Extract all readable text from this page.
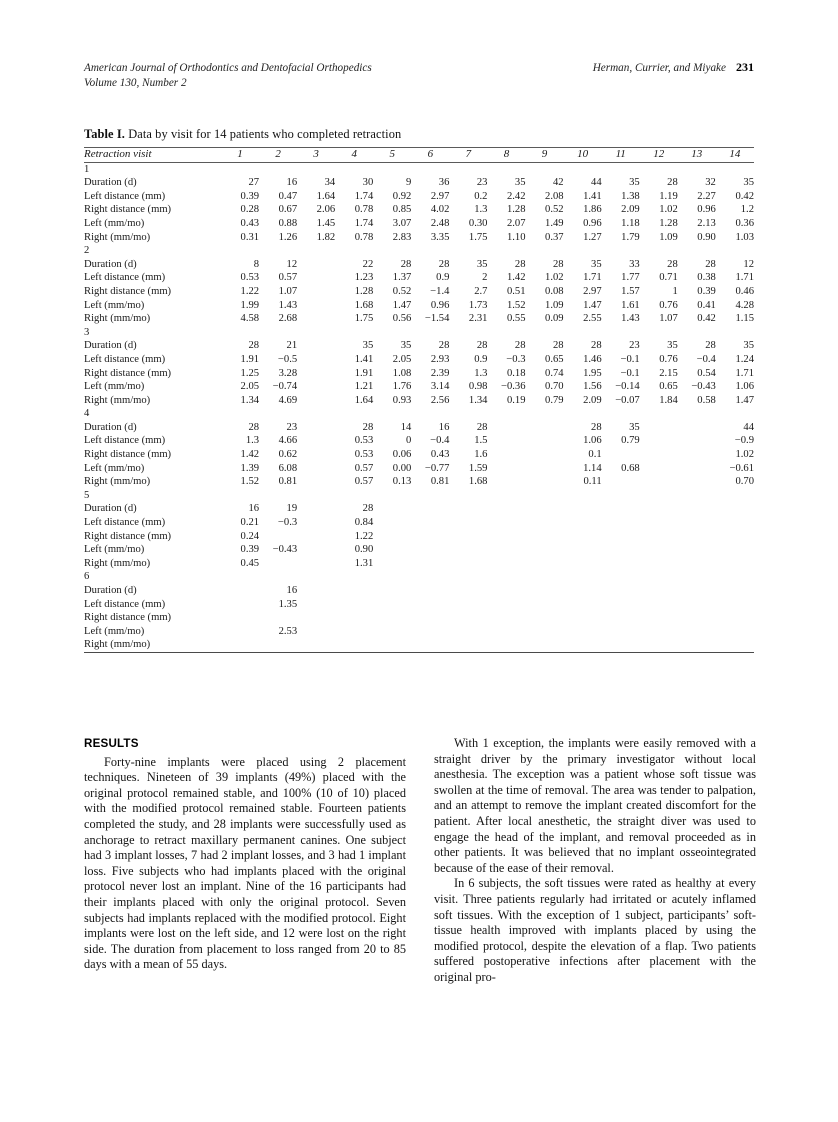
American Journal of Orthodontics and Dentofacial Orthopedics	Herman, Currier, and Miyake 231
Volume 130, Number 2
Table I. Data by visit for 14 patients who completed retraction
Retraction visit	1	2	3	4	5	6	7	8	9	10	11	12	13	14
1														
Duration (d)	27	16	34	30	9	36	23	35	42	44	35	28	32	35
Left distance (mm)	0.39	0.47	1.64	1.74	0.92	2.97	0.2	2.42	2.08	1.41	1.38	1.19	2.27	0.42
Right distance (mm)	0.28	0.67	2.06	0.78	0.85	4.02	1.3	1.28	0.52	1.86	2.09	1.02	0.96	1.2
Left (mm/mo)	0.43	0.88	1.45	1.74	3.07	2.48	0.30	2.07	1.49	0.96	1.18	1.28	2.13	0.36
Right (mm/mo)	0.31	1.26	1.82	0.78	2.83	3.35	1.75	1.10	0.37	1.27	1.79	1.09	0.90	1.03
2														
Duration (d)	8	12		22	28	28	35	28	28	35	33	28	28	12
Left distance (mm)	0.53	0.57		1.23	1.37	0.9	2	1.42	1.02	1.71	1.77	0.71	0.38	1.71
Right distance (mm)	1.22	1.07		1.28	0.52	−1.4	2.7	0.51	0.08	2.97	1.57	1	0.39	0.46
Left (mm/mo)	1.99	1.43		1.68	1.47	0.96	1.73	1.52	1.09	1.47	1.61	0.76	0.41	4.28
Right (mm/mo)	4.58	2.68		1.75	0.56	−1.54	2.31	0.55	0.09	2.55	1.43	1.07	0.42	1.15
3														
Duration (d)	28	21		35	35	28	28	28	28	28	23	35	28	35
Left distance (mm)	1.91	−0.5		1.41	2.05	2.93	0.9	−0.3	0.65	1.46	−0.1	0.76	−0.4	1.24
Right distance (mm)	1.25	3.28		1.91	1.08	2.39	1.3	0.18	0.74	1.95	−0.1	2.15	0.54	1.71
Left (mm/mo)	2.05	−0.74		1.21	1.76	3.14	0.98	−0.36	0.70	1.56	−0.14	0.65	−0.43	1.06
Right (mm/mo)	1.34	4.69		1.64	0.93	2.56	1.34	0.19	0.79	2.09	−0.07	1.84	0.58	1.47
4														
Duration (d)	28	23		28	14	16	28			28	35			44
Left distance (mm)	1.3	4.66		0.53	0	−0.4	1.5			1.06	0.79			−0.9
Right distance (mm)	1.42	0.62		0.53	0.06	0.43	1.6			0.1				1.02
Left (mm/mo)	1.39	6.08		0.57	0.00	−0.77	1.59			1.14	0.68			−0.61
Right (mm/mo)	1.52	0.81		0.57	0.13	0.81	1.68			0.11				0.70
5														
Duration (d)	16	19		28										
Left distance (mm)	0.21	−0.3		0.84										
Right distance (mm)	0.24			1.22										
Left (mm/mo)	0.39	−0.43		0.90										
Right (mm/mo)	0.45			1.31										
6														
Duration (d)		16												
Left distance (mm)		1.35												
Right distance (mm)														
Left (mm/mo)		2.53												
Right (mm/mo)														
RESULTS

Forty-nine implants were placed using 2 placement techniques. Nineteen of 39 implants (49%) placed with the original protocol remained stable, and 100% (10 of 10) placed with the modified protocol remained stable. Fourteen patients completed the study, and 28 implants were successfully used as anchorage to retract maxillary permanent canines. One subject had 3 implant losses, 7 had 2 implant losses, and 3 had 1 implant loss. Five subjects who had implants placed with the original protocol never lost an implant. Nine of the 16 participants had their implants placed with only the original protocol. Seven subjects had implants replaced with the modified protocol. Eight implants were lost on the left side, and 12 were lost on the right side. The duration from placement to loss ranged from 20 to 85 days with a mean of 55 days.

With 1 exception, the implants were easily removed with a straight driver by the primary investigator without local anesthesia. The exception was a patient whose soft tissue was swollen at the time of removal. The area was tender to palpation, and an attempt to remove the implant created discomfort for the patient. After local anesthetic, the straight diver was used to engage the head of the implant, and removal proceeded as in other patients. It was believed that no implant osseointegrated because of the ease of their removal.

In 6 subjects, the soft tissues were rated as healthy at every visit. Three patients regularly had irritated or acutely inflamed soft tissues. With the exception of 1 subject, participants’ soft-tissue health improved with implants placed by using the modified protocol, despite the elevation of a flap. Two patients suffered postoperative infections after placement with the original pro-
